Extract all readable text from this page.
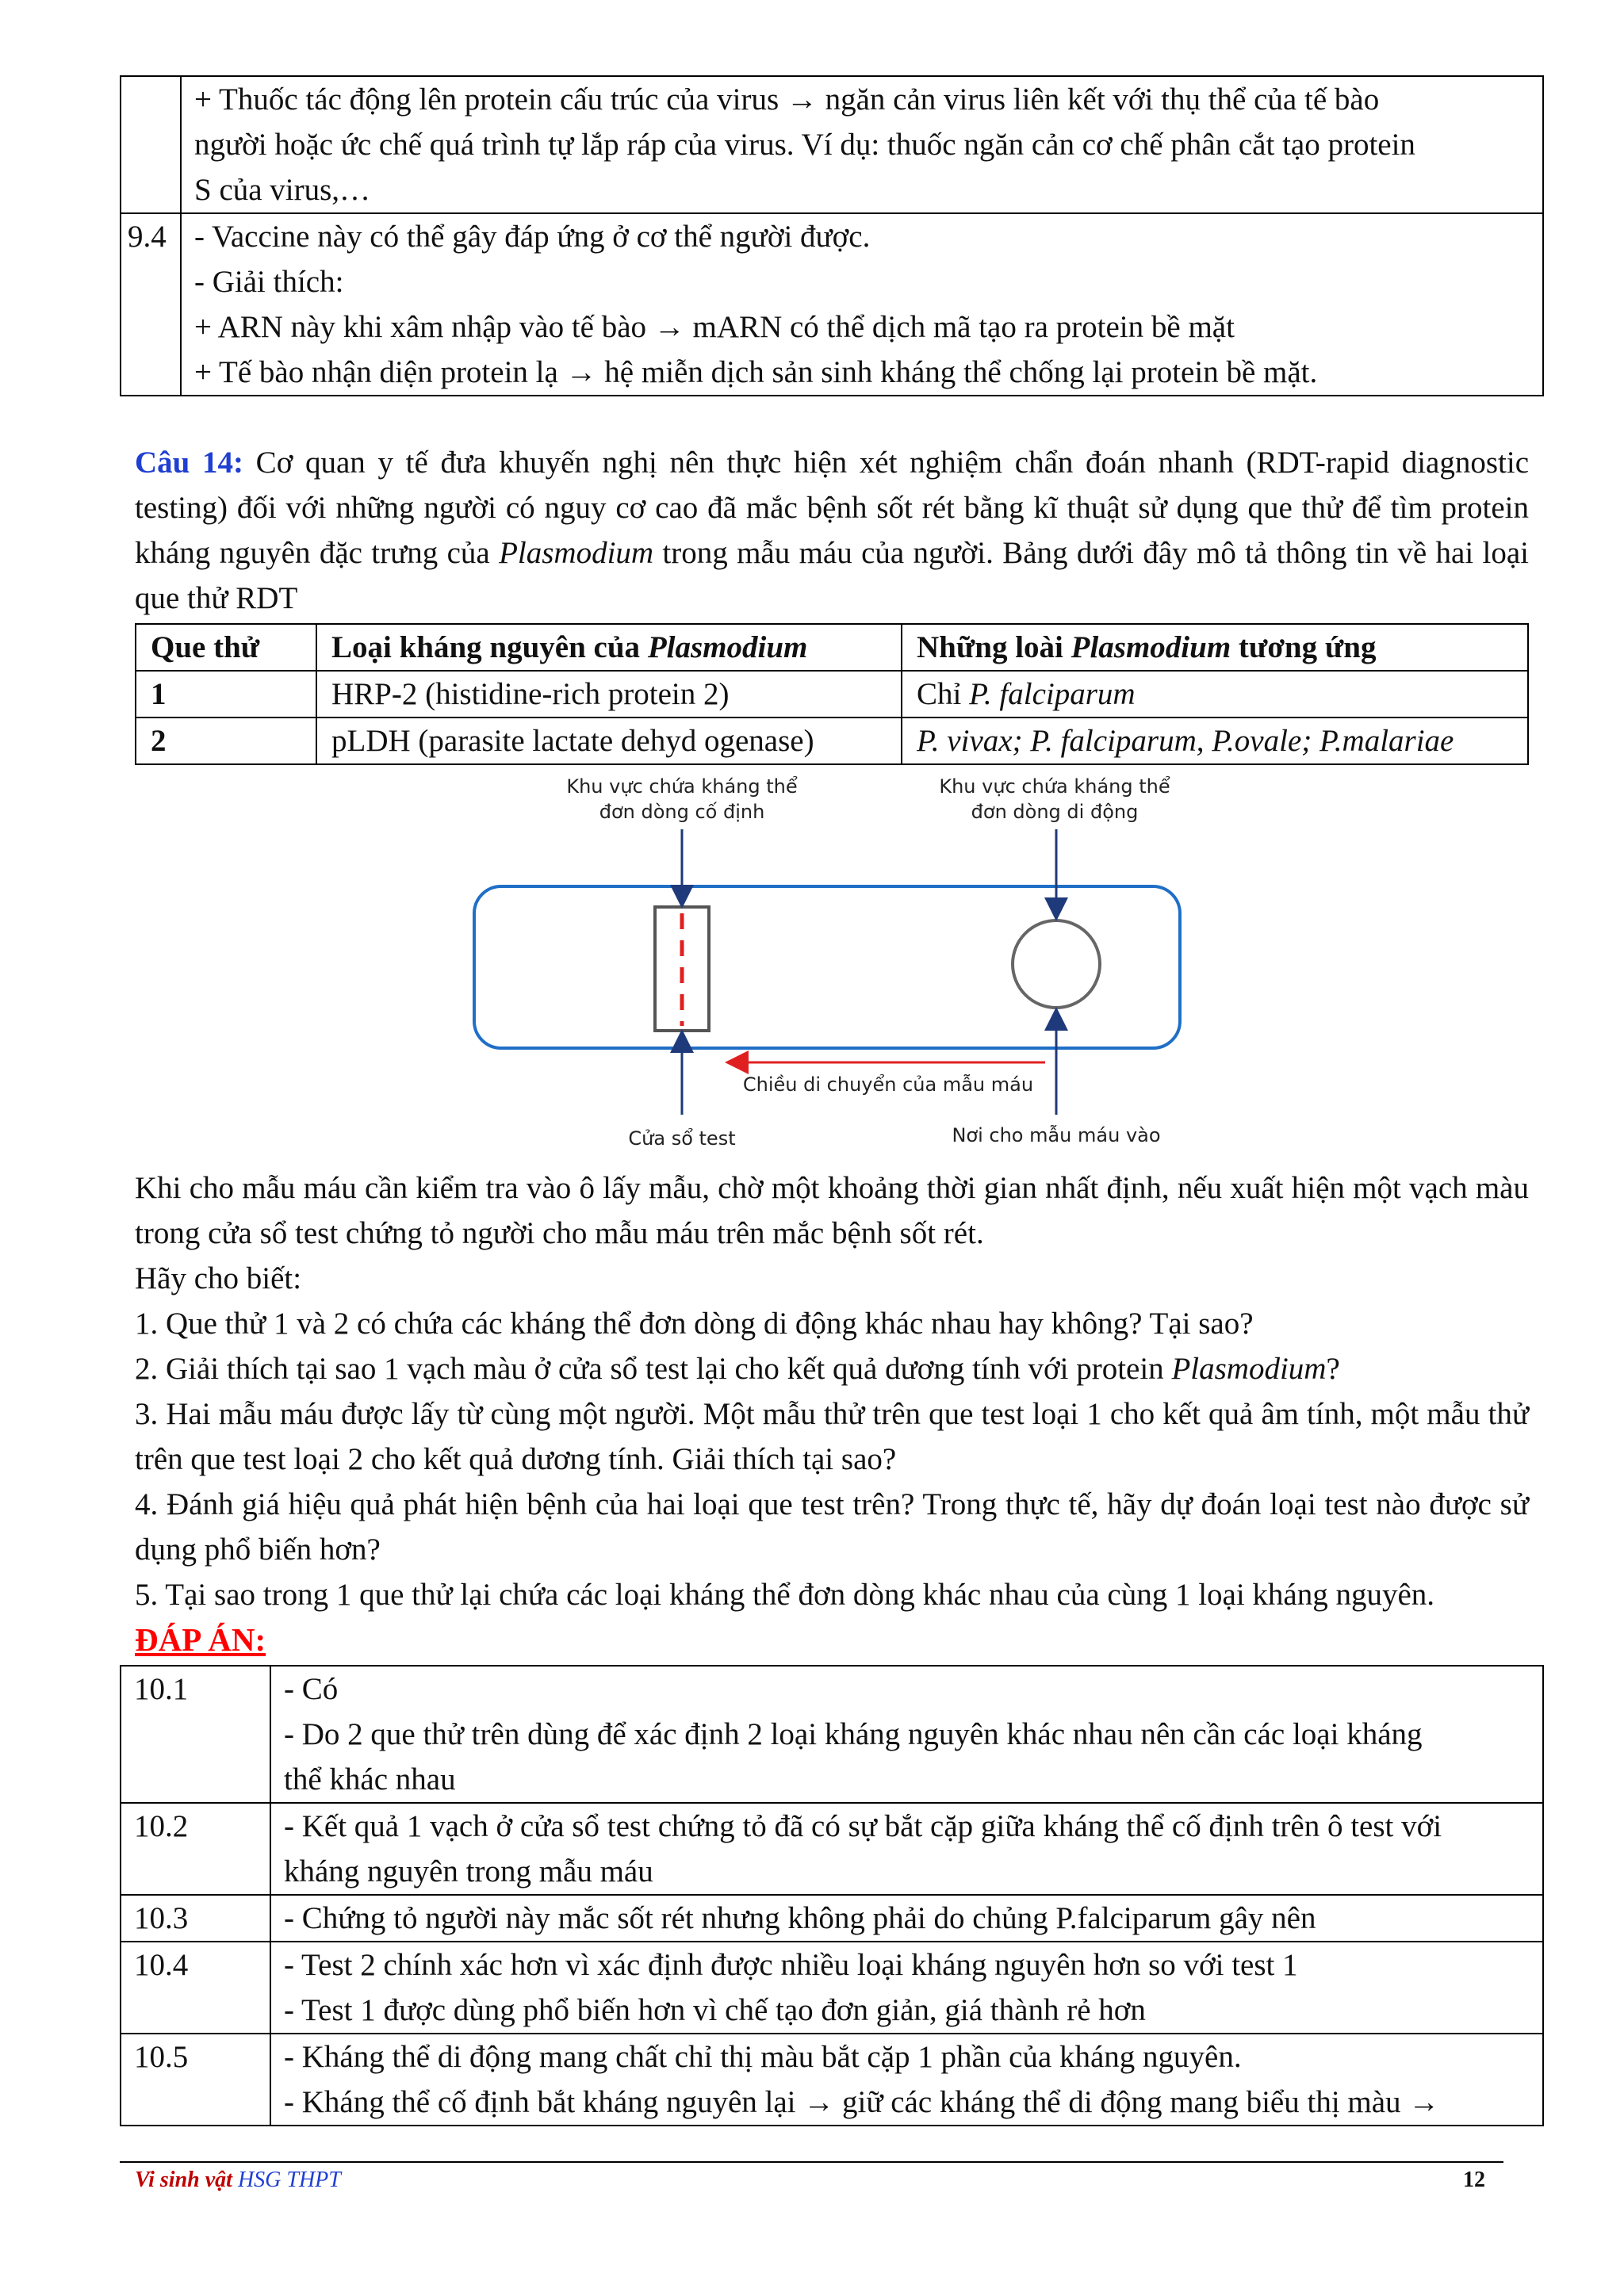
	+ Thuốc tác động lên protein cấu trúc của virus → ngăn cản virus liên kết với thụ thể của tế bào
người hoặc ức chế quá trình tự lắp ráp của virus. Ví dụ: thuốc ngăn cản cơ chế phân cắt tạo protein
S của virus,…

9.4	- Vaccine này có thể gây đáp ứng ở cơ thể người được.
- Giải thích:
+ ARN này khi xâm nhập vào tế bào → mARN có thể dịch mã tạo ra protein bề mặt
+ Tế bào nhận diện protein lạ → hệ miễn dịch sản sinh kháng thể chống lại protein bề mặt.
Câu 14: Cơ quan y tế đưa khuyến nghị nên thực hiện xét nghiệm chẩn đoán nhanh (RDT-rapid diagnostic testing) đối với những người có nguy cơ cao đã mắc bệnh sốt rét bằng kĩ thuật sử dụng que thử để tìm protein kháng nguyên đặc trưng của Plasmodium trong mẫu máu của người. Bảng dưới đây mô tả thông tin về hai loại que thử RDT
Que thử	Loại kháng nguyên của Plasmodium	Những loài Plasmodium tương ứng
1	HRP-2 (histidine-rich protein 2)	Chỉ P. falciparum
2	pLDH (parasite lactate dehyd ogenase)	P. vivax; P. falciparum, P.ovale; P.malariae
Khu vực chứa kháng thể
đơn dòng cố định
Khu vực chứa kháng thể
đơn dòng di động
Chiều di chuyển của mẫu máu
Cửa sổ test	Nơi cho mẫu máu vào

Khi cho mẫu máu cần kiểm tra vào ô lấy mẫu, chờ một khoảng thời gian nhất định, nếu xuất hiện một vạch màu trong cửa sổ test chứng tỏ người cho mẫu máu trên mắc bệnh sốt rét.

Hãy cho biết:

1. Que thử 1 và 2 có chứa các kháng thể đơn dòng di động khác nhau hay không? Tại sao?

2. Giải thích tại sao 1 vạch màu ở cửa sổ test lại cho kết quả dương tính với protein Plasmodium?

3. Hai mẫu máu được lấy từ cùng một người. Một mẫu thử trên que test loại 1 cho kết quả âm tính, một mẫu thử trên que test loại 2 cho kết quả dương tính. Giải thích tại sao?

4. Đánh giá hiệu quả phát hiện bệnh của hai loại que test trên? Trong thực tế, hãy dự đoán loại test nào được sử dụng phổ biến hơn?

5. Tại sao trong 1 que thử lại chứa các loại kháng thể đơn dòng khác nhau của cùng 1 loại kháng nguyên.

ĐÁP ÁN:
10.1	- Có
- Do 2 que thử trên dùng để xác định 2 loại kháng nguyên khác nhau nên cần các loại kháng
thể khác nhau

10.2	- Kết quả 1 vạch ở cửa sổ test chứng tỏ đã có sự bắt cặp giữa kháng thể cố định trên ô test với
kháng nguyên trong mẫu máu

10.3	- Chứng tỏ người này mắc sốt rét nhưng không phải do chủng P.falciparum gây nên

10.4	- Test 2 chính xác hơn vì xác định được nhiều loại kháng nguyên hơn so với test 1
- Test 1 được dùng phổ biến hơn vì chế tạo đơn giản, giá thành rẻ hơn

10.5	- Kháng thể di động mang chất chỉ thị màu bắt cặp 1 phần của kháng nguyên.
- Kháng thể cố định bắt kháng nguyên lại → giữ các kháng thể di động mang biểu thị màu →
Vi sinh vật HSG THPT	12
